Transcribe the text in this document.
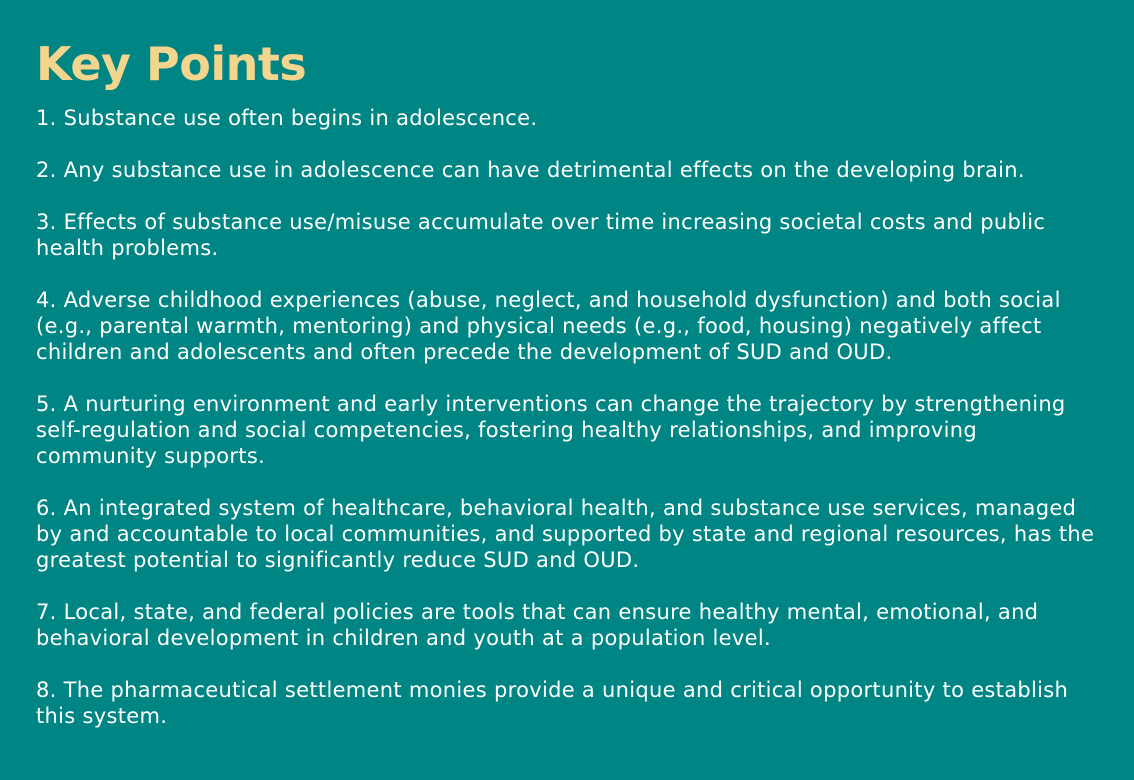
Key Points
1. Substance use often begins in adolescence.
2. Any substance use in adolescence can have detrimental effects on the developing brain.
3. Effects of substance use/misuse accumulate over time increasing societal costs and public health problems.
4. Adverse childhood experiences (abuse, neglect, and household dysfunction) and both social (e.g., parental warmth, mentoring) and physical needs (e.g., food, housing) negatively affect children and adolescents and often precede the development of SUD and OUD.
5. A nurturing environment and early interventions can change the trajectory by strengthening self-regulation and social competencies, fostering healthy relationships, and improving community supports.
6. An integrated system of healthcare, behavioral health, and substance use services, managed by and accountable to local communities, and supported by state and regional resources, has the greatest potential to significantly reduce SUD and OUD.
7. Local, state, and federal policies are tools that can ensure healthy mental, emotional, and behavioral development in children and youth at a population level.
8. The pharmaceutical settlement monies provide a unique and critical opportunity to establish this system.
